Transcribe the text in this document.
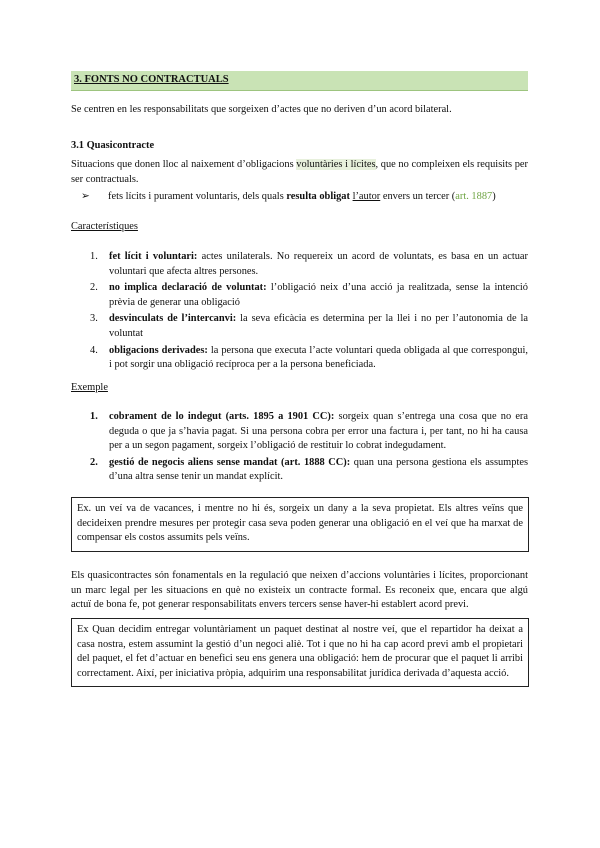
3. FONTS NO CONTRACTUALS

Se centren en les responsabilitats que sorgeixen d’actes que no deriven d’un acord bilateral.

3.1 Quasicontracte

Situacions que donen lloc al naixement d’obligacions voluntàries i lícites, que no compleixen els requisits per ser contractuals.

➢ fets lícits i purament voluntaris, dels quals resulta obligat l’autor envers un tercer (art. 1887)

Característiques

1. fet lícit i voluntari: actes unilaterals. No requereix un acord de voluntats, es basa en un actuar voluntari que afecta altres persones.
2. no implica declaració de voluntat: l’obligació neix d’una acció ja realitzada, sense la intenció prèvia de generar una obligació
3. desvinculats de l’intercanvi: la seva eficàcia es determina per la llei i no per l’autonomia de la voluntat
4. obligacions derivades: la persona que executa l’acte voluntari queda obligada al que correspongui, i pot sorgir una obligació recíproca per a la persona beneficiada.

Exemple

1. cobrament de lo indegut (arts. 1895 a 1901 CC): sorgeix quan s’entrega una cosa que no era deguda o que ja s’havia pagat. Si una persona cobra per error una factura i, per tant, no hi ha causa per a un segon pagament, sorgeix l’obligació de restituir lo cobrat indegudament.
2. gestió de negocis aliens sense mandat (art. 1888 CC): quan una persona gestiona els assumptes d’una altra sense tenir un mandat explícit.
Ex. un veí va de vacances, i mentre no hi és, sorgeix un dany a la seva propietat. Els altres veïns que decideixen prendre mesures per protegir casa seva poden generar una obligació en el veí que ha marxat de compensar els costos assumits pels veïns.

Els quasicontractes són fonamentals en la regulació que neixen d’accions voluntàries i lícites, proporcionant un marc legal per les situacions en què no existeix un contracte formal. Es reconeix que, encara que algú actuï de bona fe, pot generar responsabilitats envers tercers sense haver-hi establert acord previ.

Ex Quan decidim entregar voluntàriament un paquet destinat al nostre veí, que el repartidor ha deixat a casa nostra, estem assumint la gestió d’un negoci aliè. Tot i que no hi ha cap acord previ amb el propietari del paquet, el fet d’actuar en benefici seu ens genera una obligació: hem de procurar que el paquet li arribi correctament. Així, per iniciativa pròpia, adquirim una responsabilitat jurídica derivada d’aquesta acció.
